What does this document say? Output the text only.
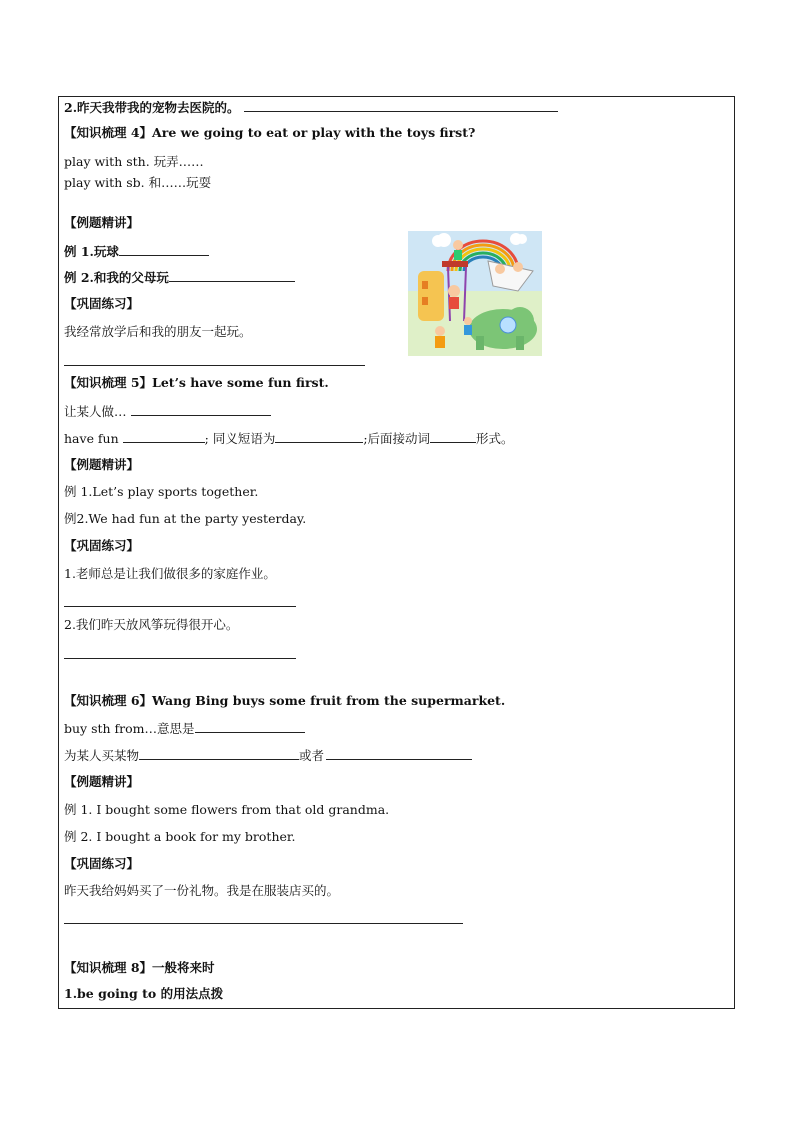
2.昨天我带我的宠物去医院的。
【知识梳理 4】Are we going to eat or play with the toys first?
play with sth. 玩弄……
play with sb. 和……玩耍
【例题精讲】
例 1.玩球
例 2.和我的父母玩
【巩固练习】
我经常放学后和我的朋友一起玩。
【知识梳理 5】Let’s have some fun first.
让某人做…
have fun	; 同义短语为	;后面接动词	形式。
【例题精讲】
例 1.Let’s play sports together.
例2.We had fun at the party yesterday.
【巩固练习】
1.老师总是让我们做很多的家庭作业。
2.我们昨天放风筝玩得很开心。
【知识梳理 6】Wang Bing buys some fruit from the supermarket.
buy sth from…意思是
为某人买某物	或者
【例题精讲】
例 1. I bought some flowers from that old grandma.
例 2. I bought a book for my brother.
【巩固练习】
昨天我给妈妈买了一份礼物。我是在服装店买的。
【知识梳理 8】一般将来时
1.be going to 的用法点拨
